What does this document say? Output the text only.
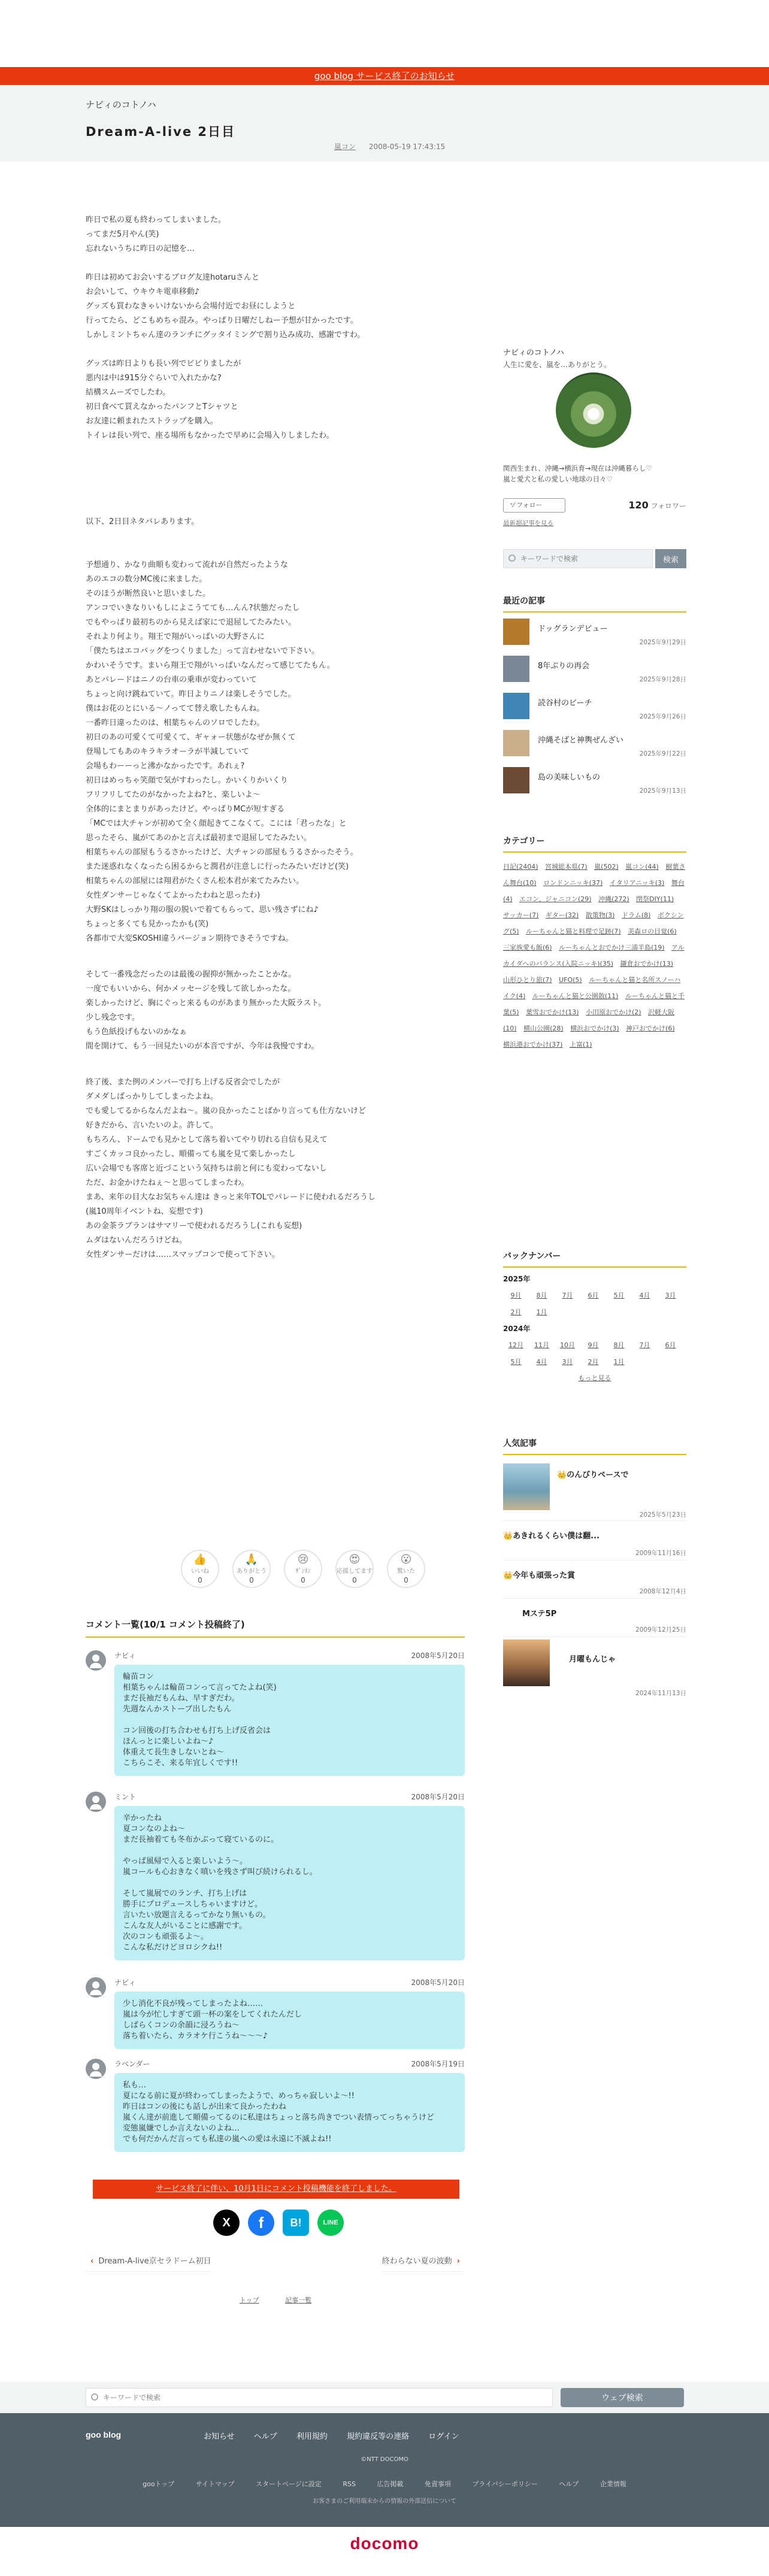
goo blog サービス終了のお知らせ
ナビィのコトノハ
Dream-A-live 2日目
嵐コン 2008-05-19 17:43:15

昨日で私の夏も終わってしまいました。
ってまだ5月やん(笑)
忘れないうちに昨日の記憶を…

昨日は初めてお会いするブログ友達hotaruさんと
お会いして、ウキウキ電車移動♪
グッズも買わなきゃいけないから会場付近でお昼にしようと
行ってたら、どこもめちゃ混み。やっぱり日曜だしねー予想が甘かったです。
しかしミントちゃん達のランチにグッタイミングで割り込み成功、感謝ですわ。

グッズは昨日よりも長い列でビビりましたが
悪内は中は915分ぐらいで入れたかな?
結構スムーズでしたわ。
初日食べて買えなかったパンフとTシャツと
お友達に頼まれたストラップを購入。
トイレは長い列で、座る場所もなかったで早めに会場入りしましたわ。

以下、2日目ネタバレあります。

予想通り、かなり曲順も変わって流れが自然だったような
あのエコの数分MC後に来ました。
そのほうが断然良いと思いました。
アンコでいきなりいもしによこうてても…んん?状態だったし
でもやっぱり最初ちのから見えば家にで退屈してたみたい。
それより何より。翔王で翔がいっぱいの大野さんに
「僕たちはエコバッグをつくりました」って言わせないで下さい。
かわいそうです。まいら翔王で翔がいっぱいなんだって感じてたもん。
あとパレードはニノの台車の乗車が変わっていて
ちょっと向け跳ねていて。昨日よりニノは楽しそうでした。
僕はお花のとにいる～ノってて替え歌したもんね。
一番昨日違ったのは、相葉ちゃんのソロでしたわ。
初日のあの可愛くて可愛くて、ギャォー状態がなぜか無くて
登場してもあのキラキラオーラが半減していて
会場もわーーっと沸かなかったです。あれぇ?
初日はめっちゃ笑顔で気がすわったし。かいくりかいくり
フリフリしてたのがなかったよね?と、楽しいよ～
全体的にまとまりがあったけど。やっぱりMCが短すぎる
「MCでは大チャンが初めて全く顔起きてこなくて。こには「君ったな」と
思ったそら、嵐がてあのかと言えば最初まで退屈してたみたい。
相葉ちゃんの部屋もうるさかったけど、大チャンの部屋もうるさかったそう。
また迷惑れなくなったら困るからと潤君が注意しに行ったみたいだけど(笑)
相葉ちゃんの部屋には翔君がたくさん松本君が来てたみたい。
女性ダンサーじゃなくてよかったわねと思ったわ)
大野SKはしっかり翔の服の脱いで着てもらって、思い残さずにね♪
ちょっと多くても見かったかも(笑)
各都市で大変SKOSHI違うバージョン期待できそうですね。

そして一番残念だったのは最後の握抑が無かったことかな。
一度でもいいから、何かメッセージを残して欲しかったな。
楽しかったけど、胸にぐっと来るものがあまり無かった大阪ラスト。
少し残念です。
もう色紙投げもないのかなぁ
間を開けて、もう一回見たいのが本音ですが、今年は我慢ですわ。

終了後、また例のメンバーで打ち上げる反省会でしたが
ダメダしばっかりしてしまったよね。
でも愛してるからなんだよね～。嵐の良かったことばかり言っても仕方ないけど
好きだから、言いたいのよ。許して。
もちろん、ドームでも見かとして落ち着いてやり切れる自信も見えて
すごくカッコ良かったし、順備っても嵐を見て楽しかったし
広い会場でも客席と近づこという気持ちは前と何にも変わってないし
ただ、お金かけたねぇ～と思ってしまったわ。
まあ、来年の目大なお気ちゃん達は きっと来年TOLでパレードに使われるだろうし
(嵐10周年イベントね、妄想です)
あの金茶ラブランはサマリーで使われるだろうし(これも妄想)
ムダはないんだろうけどね。
女性ダンサーだけは……スマップコンで使って下さい。

👍
いいね
0
🙏
ありがとう
0
😢
ｻﾞﾝﾈﾝ
0
😍
応援してます
0
😮
驚いた
0
コメント一覧(10/1 コメント投稿終了)
ナビィ	2008年5月20日
輪苗コン
相葉ちゃんは輪苗コンって言ってたよね(笑)
まだ長袖だもんね、早すぎだわ。
先週なんかストーブ出したもん

コン回後の打ち合わせも打ち上げ反省会は
ほんっとに楽しいよね～♪
体重えて長生きしないとね～
こちらこそ、来る年宜しくです!!
ミント	2008年5月20日
辛かったね
夏コンなのよね～
まだ長袖着ても冬布かぶって寝ているのに。

やっぱ風帰で入ると楽しいよう〜。
嵐コールも心おきなく嗔いを残さず叫び続けられるし。

そして嵐展でのランチ、打ち上げは
勝手にプロデュースしちゃいますけど。
言いたい放題言えるってかなり無いもの。
こんな友人がいることに感謝です。
次のコンも頑張るよ～。
こんな私だけどヨロシクね!!
ナビィ	2008年5月20日
少し消化不良が残ってしまったよね……
嵐は今が忙しすぎて頭一杯の案をしてくれたんだし
しばらくコンの余韻に浸ろうね～
落ち着いたら、カラオケ行こうね～～～♪
ラベンダー	2008年5月19日
私も…
夏になる前に夏が終わってしまったようで、めっちゃ寂しいよ～!!
昨日はコンの後にも話しが出来て良かったわね
嵐くん達が前進して順備ってるのに私達はちょっと落ち尚きでつい表情ってっちゃうけど
変態嵐嫌でしか言えないのよね…
でも何だかんだ言っても私達の嵐への愛は永遠に不滅よね!!
サービス終了に伴い、10月1日にコメント投稿機能を終了しました。
X	f	B!	LINE
‹ Dream-A-live京セラドーム初日	終わらない夏の波動 ›
トップ	記事一覧
ナビィのコトノハ
人生に愛を、嵐を…ありがとう。
関西生まれ、沖縄→横浜育→現在は沖縄暮らし♡
嵐と愛犬と私の愛しい地球の日々♡
⁺⁄ フォロー	120 フォロワー
最新超記事を見る
キーワードで検索
検索
最近の記事
ドッグランデビュー
2025年9月29日
8年ぶりの再会
2025年9月28日
読谷村のビーチ
2025年9月26日
沖縄そばと神輿ぜんざい
2025年9月22日
島の美味しいもの
2025年9月13日
カテゴリー
日記(2404) 宮城総本県(7) 嵐(502) 嵐コン(44) 樹葉さん舞台(10) ロンドンニッキ(37) イタリアニッキ(3) 舞台(4) エコン、ジャニコン(29) 沖縄(272) 閉祭DIY(11) サッカー(7) ギター(32) 散策物(3) ドラム(8) ボクシング(5) ルーちゃんと猫と料理で足跡(7) 美森ロの目覚(6) 三家族愛も飯(6) ルーちゃんとおでかけ三浦半島(19) アルカイダへのバランス(入院ニッキ)(35) 鎌倉おでかけ(13) 山形ひとり旅(7) UFO(5) ルーちゃんと猫と名所スノーハイク(4) ルーちゃんと猫と公園散(11) ルーちゃんと猫と千葉(5) 葉雪おでかけ(13) 小田原おでかけ(2) 沢軽大阪(10) 横山公園(28) 横浜おでかけ(3) 神戸おでかけ(6) 横浜港おでかけ(37) 上富(1)
バックナンバー
2025年
9月	8月	7月	6月	5月	4月	3月
2月	1月
2024年
12月	11月	10月	9月	8月	7月	6月
5月	4月	3月	2月	1月
もっと見る
人気記事
👑のんびりペースで
2025年5月23日
👑あきれるくらい僕は翻...
2009年11月16日
👑今年も頑張った賞
2008年12月4日
Mステ5P
2009年12月25日
月曜もんじゃ
2024年11月13日
キーワードで検索
ウェブ検索
goo blog	お知らせ ヘルプ 利用規約 規約違反等の連絡 ログイン
©NTT DOCOMO
gooトップ	サイトマップ	スタートページに設定	RSS	広告掲載	免責事項	プライバシーポリシー	ヘルプ	企業情報
お客さまのご利用端末からの情報の外部送信について
docomo
